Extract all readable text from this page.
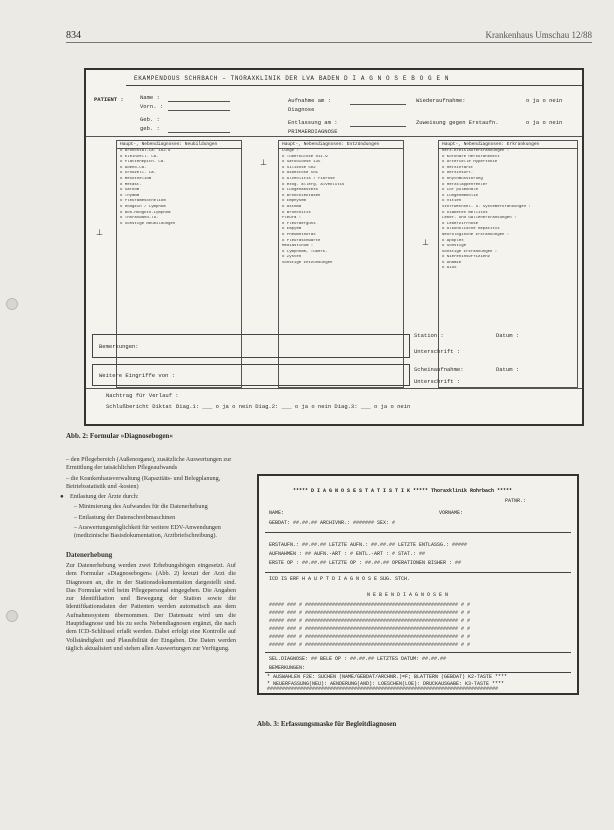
834	Krankenhaus Umschau 12/88
EKAMPENDOUS SCHRBACH – TNORAXKLINIK DER LVA BADEN D I A G N O S E B O G E N
PATIENT :	Name :
Vorn. :
Geb. :
geb. :
Aufnahme am :
Diagnose
Entlassung am :
PRIMAERDIAGNOSE
Wiederaufnahme:	o ja o nein
Zuweisung gegen Erstaufn.	o ja o nein
Haupt-, Nebendiagnosen: Neubildungen
o Bronchial-Ca. 162.9
o Kleinzell. Ca.
o Plattenepith. Ca.
o Adeno-Ca.
o Großzell. Ca.
o Mesotheliom
o Metast.
o Sarkom
o Thymom
o Pleuramesotheliom
o Hodgkin / Lymphom
o Non-Hodgkin-Lymphom
o Thoraxwand-Tu.
o Sonstige Neubildungen
Haupt-, Nebendiagnosen: Entzündungen
Lunge :
o Tuberkulose 011.9
o Sarkoidose 135
o Silikose 502
o Asbestose 501
o Alveolitis / Fibrose
o exog. allerg. Alveolitis
o Lungenabszess
o Bronchiektasen
o Emphysem
o Asthma
o Bronchitis
Pleura :
o Pleuraerguss
o Empyem
o Pneumothorax
o Pleuraschwarte
Mediastinum :
o Lymphome, Tuberk.
o Zysten
Sonstige Entzündungen
Haupt-, Nebendiagnosen: Erkrankungen
Herz-Kreislauferkrankungen :
o Koronare Herzkrankheit
o Arterielle Hypertonie
o Herzinfarkt
o Herzinsuff.
o Rhythmusstörung
o Herzklappenfehler
o Cor pulmonale
o Lungenembolie
o Vitien
Stoffwechsel- u. Systemerkrankungen :
o Diabetes mellitus
Leber- und Gallenerkrankungen :
o Leberzirrhose
o Alkoholische Hepatitis
Neurologische Erkrankungen :
o Apoplex
o Sonstige
Sonstige Erkrankungen :
o Niereninsuffizienz
o Anämie
o AIDS
⊥
⊥
⊥
Bemerkungen:
Station :	Datum :
Unterschrift :
Weitere Eingriffe von :
Scheinaufnahme:	Datum :
Unterschrift :
Nachtrag für Verlauf :
Schlußbericht Diktat :
Diag.1: ___ o ja o nein Diag.2: ___ o ja o nein Diag.3: ___ o ja o nein
Abb. 2: Formular »Diagnosebogen«

– den Pflegebereich (Außenorgane), zusätzliche Auswertungen zur Ermittlung der tatsächlichen Pflegeaufwands

– die Krankenhausverwaltung (Kapazitäts- und Belegplanung, Betriebsstatistik und -kosten)

● Entlastung der Ärzte durch:

– Minimierung des Aufwandes für die Datenerhebung

– Entlastung der Datenschreibmaschinen

– Auswertungsmöglichkeit für weitere EDV-Anwendungen (medizinische Basisdokumentation, Arztbriefschreibung).

Datenerhebung

Zur Datenerhebung werden zwei Erhebungsbögen eingesetzt. Auf dem Formular »Diagnosebogen« (Abb. 2) kreuzt der Arzt die Diagnosen an, die in der Stationsdokumentation dargestellt sind. Das Formular wird beim Pflegepersonal eingegeben. Die Angaben zur Identifikation und Bewegung der Station sowie die Identifikationsdaten der Patienten werden automatisch aus dem Aufnahmesystem übernommen. Der Datensatz wird um die Hauptdiagnose und bis zu sechs Nebendiagnosen ergänzt, die nach dem ICD-Schlüssel erfaßt werden. Dabei erfolgt eine Kontrolle auf Vollständigkeit und Plausibilität der Eingaben. Die Daten werden täglich aktualisiert und stehen allen Auswertungen zur Verfügung.

***** D I A G N O S E S T A T I S T I K ***** Thoraxklinik Rohrbach *****
PATNR.:
NAME:	VORNAME:
GEBDAT: ##.##.## ARCHIVNR.: ####### SEX: #
ERSTAUFN.: ##.##.## LETZTE AUFN.: ##.##.## LETZTE ENTLASSG.: #####
AUFNAHMEN : ## AUFN.-ART : # ENTL.-ART : # STAT.: ##
ERSTE OP : ##.##.## LETZTE OP : ##.##.## OPERATIONEN BISHER : ##
ICD IS ERF H A U P T D I A G N O S E SUG. STCH.
N E B E N D I A G N O S E N
##### ### # ################################################### # #
##### ### # ################################################### # #
##### ### # ################################################### # #
##### ### # ################################################### # #
##### ### # ################################################### # #
##### ### # ################################################### # #
SEL.DIAGNOSE: ## BELE OP : ##.##.## LETZTES DATUM: ##.##.##
BEMERKUNGEN:
* AUSWAHLEN F2E: SUCHEN (NAME/GEBDAT/ARCHNR.)=F; BLATTERN (GEBDAT) K2-TASTE ****
* NEUERFASSUNG(NEU): AENDERUNG(AND): LOESCHEN(LOE): DRUCKAUSGABE: K3-TASTE ****
#############################################################################
Abb. 3: Erfassungsmaske für Begleitdiagnosen
